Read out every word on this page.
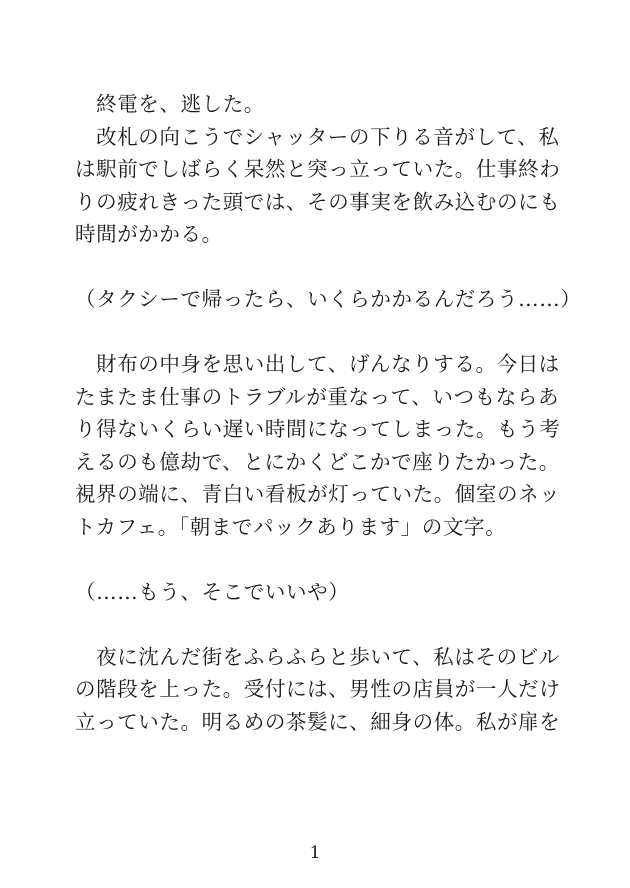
　終電を、逃した。
　改札の向こうでシャッターの下りる音がして、私
は駅前でしばらく呆然と突っ立っていた。仕事終わ
りの疲れきった頭では、その事実を飲み込むのにも
時間がかかる。
（タクシーで帰ったら、いくらかかるんだろう……）
　財布の中身を思い出して、げんなりする。今日は
たまたま仕事のトラブルが重なって、いつもならあ
り得ないくらい遅い時間になってしまった。もう考
えるのも億劫で、とにかくどこかで座りたかった。
視界の端に、青白い看板が灯っていた。個室のネッ
トカフェ。「朝までパックあります」の文字。
（……もう、そこでいいや）
　夜に沈んだ街をふらふらと歩いて、私はそのビル
の階段を上った。受付には、男性の店員が一人だけ
立っていた。明るめの茶髪に、細身の体。私が扉を
1
